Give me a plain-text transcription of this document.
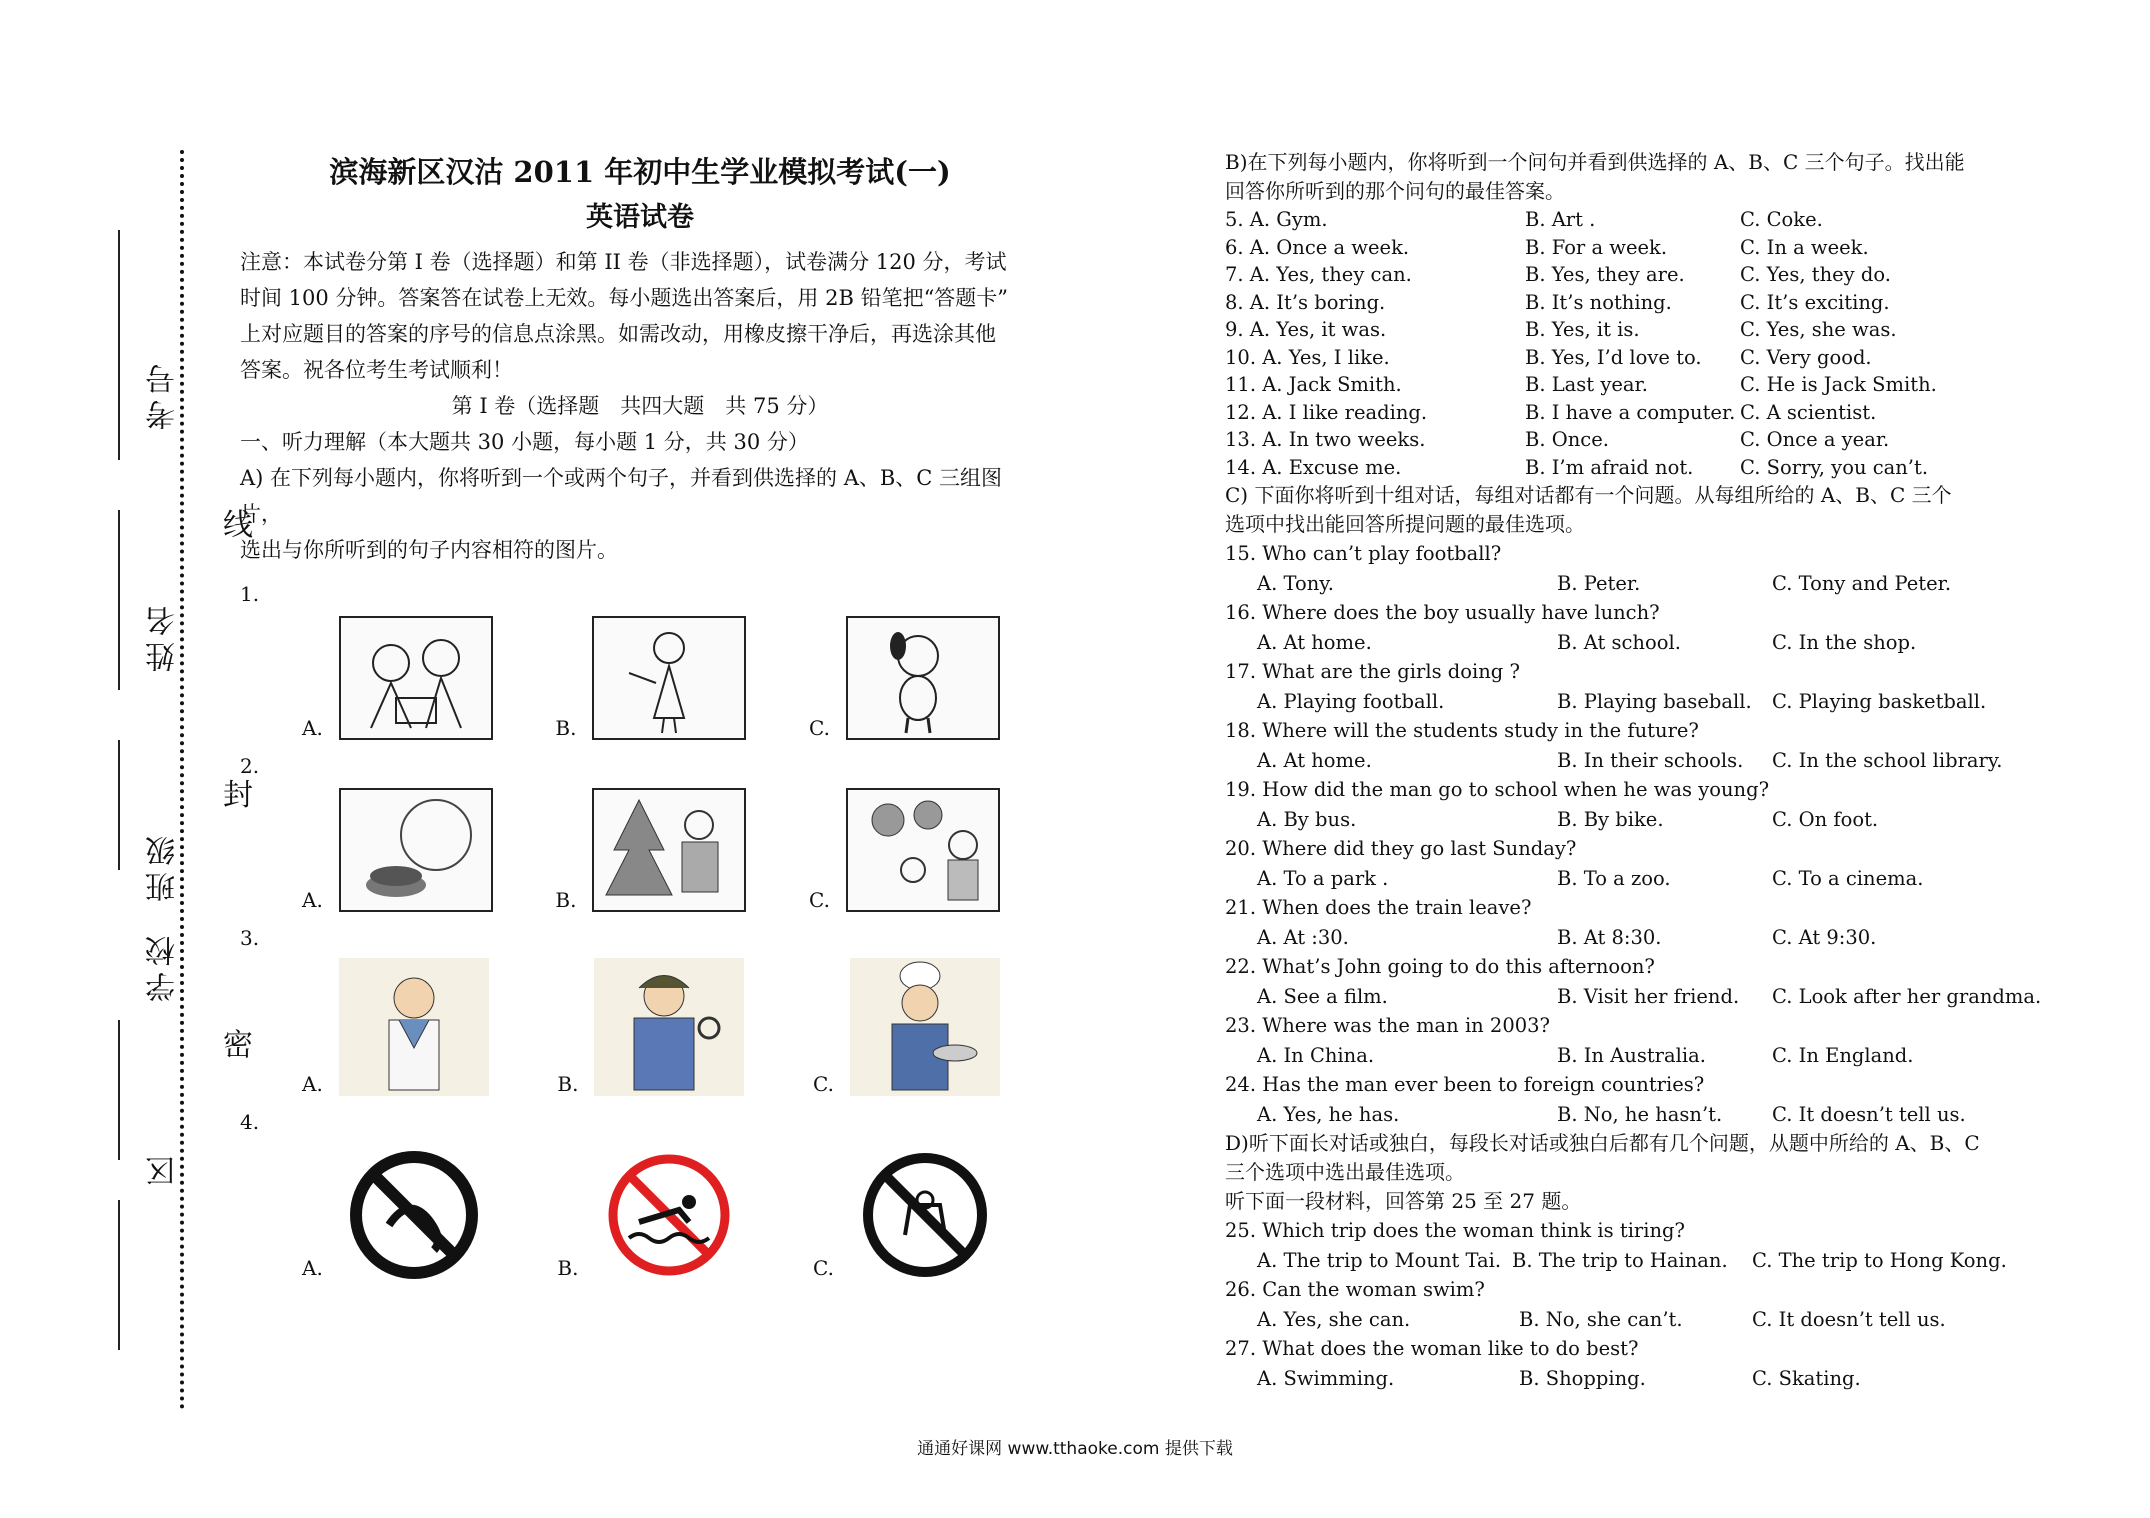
考号
姓名
班级
学校
区
线
封
密
滨海新区汉沽 2011 年初中生学业模拟考试(一)
英语试卷

注意：本试卷分第 I 卷（选择题）和第 II 卷（非选择题），试卷满分 120 分，考试

时间 100 分钟。答案答在试卷上无效。每小题选出答案后，用 2B 铅笔把“答题卡”

上对应题目的答案的序号的信息点涂黑。如需改动，用橡皮擦干净后，再选涂其他

答案。祝各位考生考试顺利！

第 I 卷（选择题　共四大题　共 75 分）

一、听力理解（本大题共 30 小题，每小题 1 分，共 30 分）

A) 在下列每小题内，你将听到一个或两个句子，并看到供选择的 A、B、C 三组图片，

选出与你所听到的句子内容相符的图片。

1.
A.	B.	C.
2.
A.	B.	C.
3.
A.	B.	C.
4.
A.	B.	C.

B)在下列每小题内，你将听到一个问句并看到供选择的 A、B、C 三个句子。找出能

回答你所听到的那个问句的最佳答案。

5. A. Gym.	B. Art .	C. Coke.
6. A. Once a week.	B. For a week.	C. In a week.
7. A. Yes, they can.	B. Yes, they are.	C. Yes, they do.
8. A. It’s boring.	B. It’s nothing.	C. It’s exciting.
9. A. Yes, it was.	B. Yes, it is.	C. Yes, she was.
10. A. Yes, I like.	B. Yes, I’d love to.	C. Very good.
11. A. Jack Smith.	B. Last year.	C. He is Jack Smith.
12. A. I like reading.	B. I have a computer. C. A scientist.
13. A. In two weeks.	B. Once.	C. Once a year.
14. A. Excuse me.	B. I’m afraid not.	C. Sorry, you can’t.

C) 下面你将听到十组对话，每组对话都有一个问题。从每组所给的 A、B、C 三个

选项中找出能回答所提问题的最佳选项。

15. Who can’t play football?
A. Tony.	B. Peter.	C. Tony and Peter.
16. Where does the boy usually have lunch?
A. At home.	B. At school.	C. In the shop.
17. What are the girls doing ?
A. Playing football.	B. Playing baseball.	C. Playing basketball.
18. Where will the students study in the future?
A. At home.	B. In their schools.	C. In the school library.
19. How did the man go to school when he was young?
A. By bus.	B. By bike.	C. On foot.
20. Where did they go last Sunday?
A. To a park .	B. To a zoo.	C. To a cinema.
21. When does the train leave?
A. At :30.	B. At 8:30.	C. At 9:30.
22. What’s John going to do this afternoon?
A. See a film.	B. Visit her friend.	C. Look after her grandma.
23. Where was the man in 2003?
A. In China.	B. In Australia.	C. In England.
24. Has the man ever been to foreign countries?
A. Yes, he has.	B. No, he hasn’t.	C. It doesn’t tell us.

D)听下面长对话或独白，每段长对话或独白后都有几个问题，从题中所给的 A、B、C

三个选项中选出最佳选项。

听下面一段材料，回答第 25 至 27 题。

25. Which trip does the woman think is tiring?
A. The trip to Mount Tai. B. The trip to Hainan.	C. The trip to Hong Kong.
26. Can the woman swim?
A. Yes, she can.	B. No, she can’t.	C. It doesn’t tell us.
27. What does the woman like to do best?
A. Swimming.	B. Shopping.	C. Skating.
通通好课网 www.tthaoke.com 提供下载
